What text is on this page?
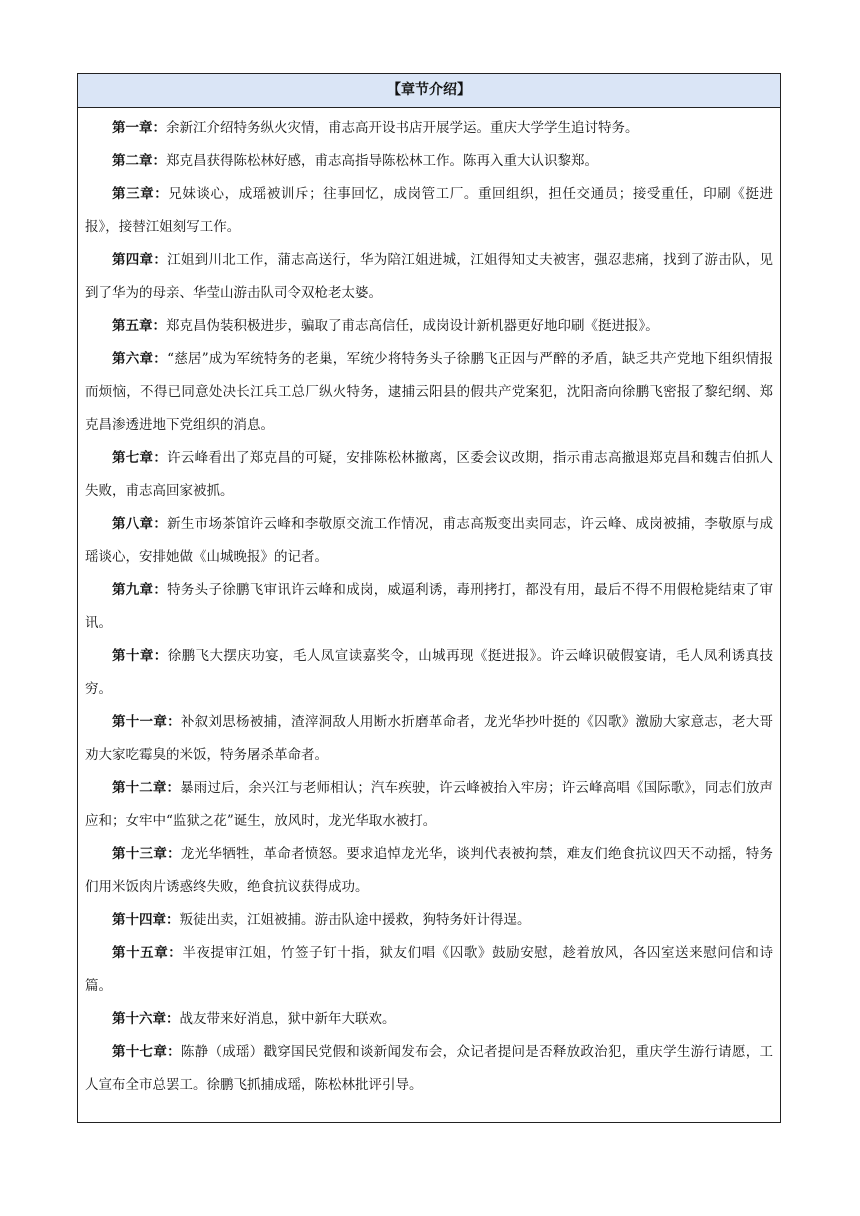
【章节介绍】

第一章：余新江介绍特务纵火灾情，甫志高开设书店开展学运。重庆大学学生追讨特务。

第二章：郑克昌获得陈松林好感，甫志高指导陈松林工作。陈再入重大认识黎郑。

第三章：兄妹谈心，成瑶被训斥；往事回忆，成岗管工厂。重回组织，担任交通员；接受重任，印刷《挺进报》，接替江姐刻写工作。

第四章：江姐到川北工作，蒲志高送行，华为陪江姐进城，江姐得知丈夫被害，强忍悲痛，找到了游击队，见到了华为的母亲、华莹山游击队司令双枪老太婆。

第五章：郑克昌伪装积极进步，骗取了甫志高信任，成岗设计新机器更好地印刷《挺进报》。

第六章：“慈居”成为军统特务的老巢，军统少将特务头子徐鹏飞正因与严醉的矛盾，缺乏共产党地下组织情报而烦恼，不得已同意处决长江兵工总厂纵火特务，逮捕云阳县的假共产党案犯，沈阳斋向徐鹏飞密报了黎纪纲、郑克昌渗透进地下党组织的消息。

第七章：许云峰看出了郑克昌的可疑，安排陈松林撤离，区委会议改期，指示甫志高撤退郑克昌和魏吉伯抓人失败，甫志高回家被抓。

第八章：新生市场茶馆许云峰和李敬原交流工作情况，甫志高叛变出卖同志，许云峰、成岗被捕，李敬原与成瑶谈心，安排她做《山城晚报》的记者。

第九章：特务头子徐鹏飞审讯许云峰和成岗，威逼利诱，毒刑拷打，都没有用，最后不得不用假枪毙结束了审讯。

第十章：徐鹏飞大摆庆功宴，毛人凤宣读嘉奖令，山城再现《挺进报》。许云峰识破假宴请，毛人凤利诱真技穷。

第十一章：补叙刘思杨被捕，渣滓洞敌人用断水折磨革命者，龙光华抄叶挺的《囚歌》激励大家意志，老大哥劝大家吃霉臭的米饭，特务屠杀革命者。

第十二章：暴雨过后，余兴江与老师相认；汽车疾驶，许云峰被抬入牢房；许云峰高唱《国际歌》，同志们放声应和；女牢中“监狱之花”诞生，放风时，龙光华取水被打。

第十三章：龙光华牺牲，革命者愤怒。要求追悼龙光华，谈判代表被拘禁，难友们绝食抗议四天不动摇，特务们用米饭肉片诱惑终失败，绝食抗议获得成功。

第十四章：叛徒出卖，江姐被捕。游击队途中援救，狗特务奸计得逞。

第十五章：半夜提审江姐，竹签子钉十指，狱友们唱《囚歌》鼓励安慰，趁着放风，各囚室送来慰问信和诗篇。

第十六章：战友带来好消息，狱中新年大联欢。

第十七章：陈静（成瑶）戳穿国民党假和谈新闻发布会，众记者提问是否释放政治犯，重庆学生游行请愿，工人宣布全市总罢工。徐鹏飞抓捕成瑶，陈松林批评引导。
